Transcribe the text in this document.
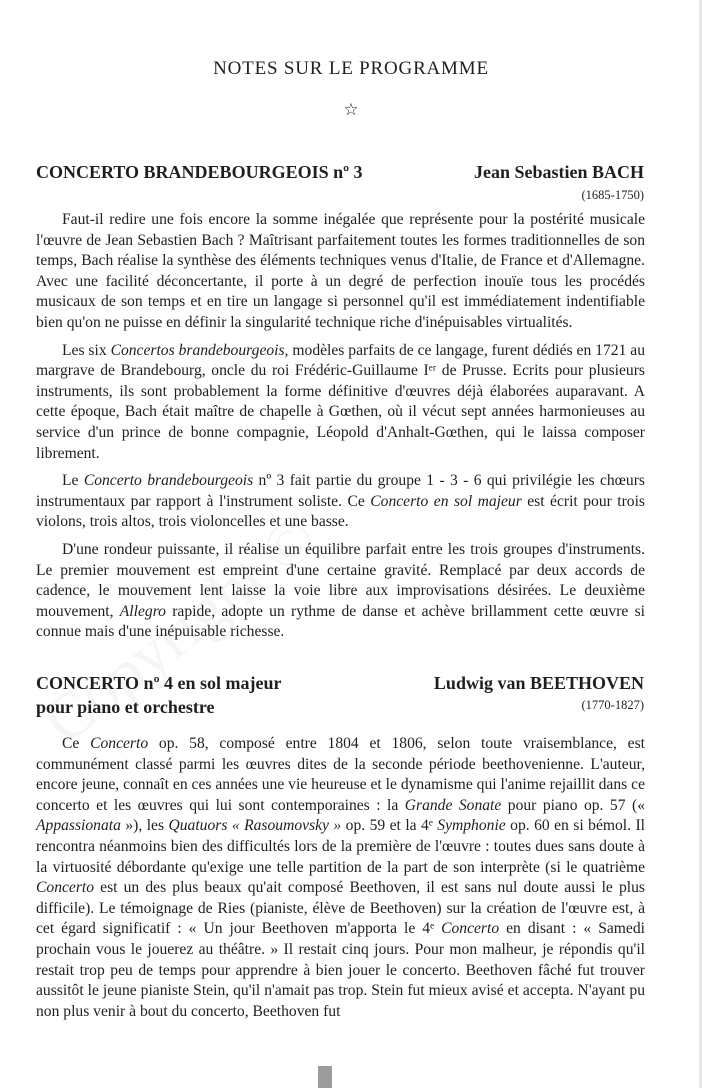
NOTES SUR LE PROGRAMME
☆
CONCERTO BRANDEBOURGEOIS nº 3	Jean Sebastien BACH
(1685-1750)

Faut-il redire une fois encore la somme inégalée que représente pour la postérité musicale l'œuvre de Jean Sebastien Bach ? Maîtrisant parfaitement toutes les formes traditionnelles de son temps, Bach réalise la synthèse des éléments techniques venus d'Italie, de France et d'Allemagne. Avec une facilité déconcertante, il porte à un degré de perfection inouïe tous les procédés musicaux de son temps et en tire un langage si personnel qu'il est immédiatement indentifiable bien qu'on ne puisse en définir la singularité technique riche d'inépuisables virtualités.

Les six Concertos brandebourgeois, modèles parfaits de ce langage, furent dédiés en 1721 au margrave de Brandebourg, oncle du roi Frédéric-Guillaume Iᵉʳ de Prusse. Ecrits pour plusieurs instruments, ils sont probablement la forme définitive d'œuvres déjà élaborées auparavant. A cette époque, Bach était maître de chapelle à Gœthen, où il vécut sept années harmonieuses au service d'un prince de bonne compagnie, Léopold d'Anhalt-Gœthen, qui le laissa composer librement.

Le Concerto brandebourgeois nº 3 fait partie du groupe 1 - 3 - 6 qui privilégie les chœurs instrumentaux par rapport à l'instrument soliste. Ce Concerto en sol majeur est écrit pour trois violons, trois altos, trois violoncelles et une basse.

D'une rondeur puissante, il réalise un équilibre parfait entre les trois groupes d'instruments. Le premier mouvement est empreint d'une certaine gravité. Remplacé par deux accords de cadence, le mouvement lent laisse la voie libre aux improvisations désirées. Le deuxième mouvement, Allegro rapide, adopte un rythme de danse et achève brillamment cette œuvre si connue mais d'une inépuisable richesse.

CONCERTO nº 4 en sol majeur
pour piano et orchestre
Ludwig van BEETHOVEN
(1770-1827)

Ce Concerto op. 58, composé entre 1804 et 1806, selon toute vraisemblance, est communément classé parmi les œuvres dites de la seconde période beethovenienne. L'auteur, encore jeune, connaît en ces années une vie heureuse et le dynamisme qui l'anime rejaillit dans ce concerto et les œuvres qui lui sont contemporaines : la Grande Sonate pour piano op. 57 (« Appassionata »), les Quatuors « Rasoumovsky » op. 59 et la 4ᵉ Symphonie op. 60 en si bémol. Il rencontra néanmoins bien des difficultés lors de la première de l'œuvre : toutes dues sans doute à la virtuosité débordante qu'exige une telle partition de la part de son interprète (si le quatrième Concerto est un des plus beaux qu'ait composé Beethoven, il est sans nul doute aussi le plus difficile). Le témoignage de Ries (pianiste, élève de Beethoven) sur la création de l'œuvre est, à cet égard significatif : « Un jour Beethoven m'apporta le 4ᵉ Concerto en disant : « Samedi prochain vous le jouerez au théâtre. » Il restait cinq jours. Pour mon malheur, je répondis qu'il restait trop peu de temps pour apprendre à bien jouer le concerto. Beethoven fâché fut trouver aussitôt le jeune pianiste Stein, qu'il n'amait pas trop. Stein fut mieux avisé et accepta. N'ayant pu non plus venir à bout du concerto, Beethoven fut
